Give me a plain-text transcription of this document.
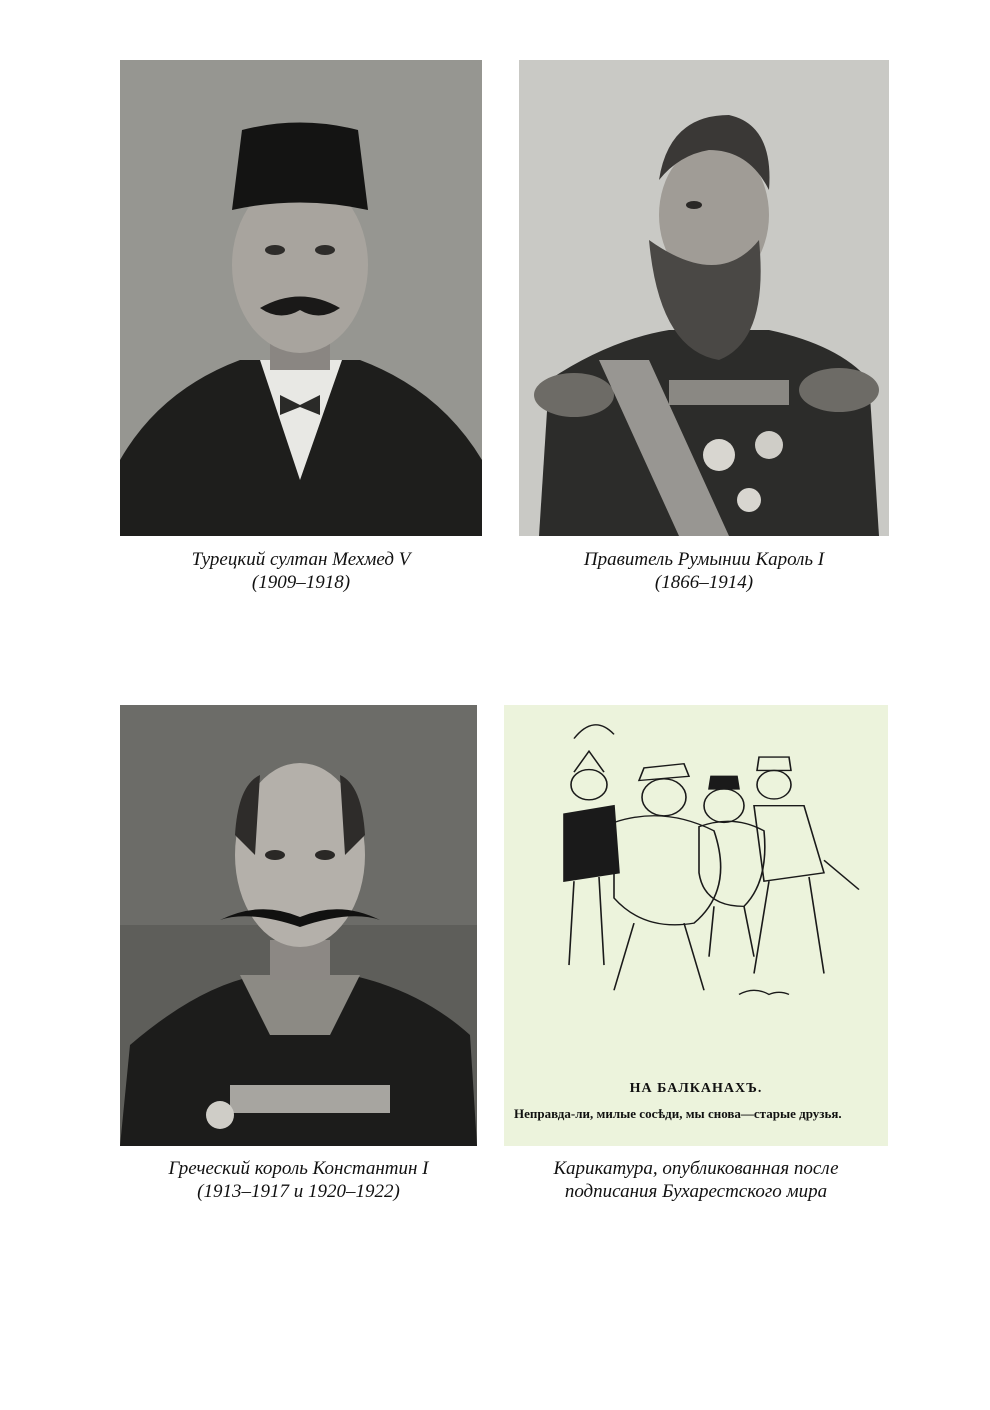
Турецкий султан Мехмед V
(1909–1918)
Правитель Румынии Кароль I
(1866–1914)
Греческий король Константин I
(1913–1917 и 1920–1922)
НА БАЛКАНАХЪ.
Неправда-ли, милые сосѣди, мы снова—старые друзья.
Карикатура, опубликованная после
подписания Бухарестского мира
